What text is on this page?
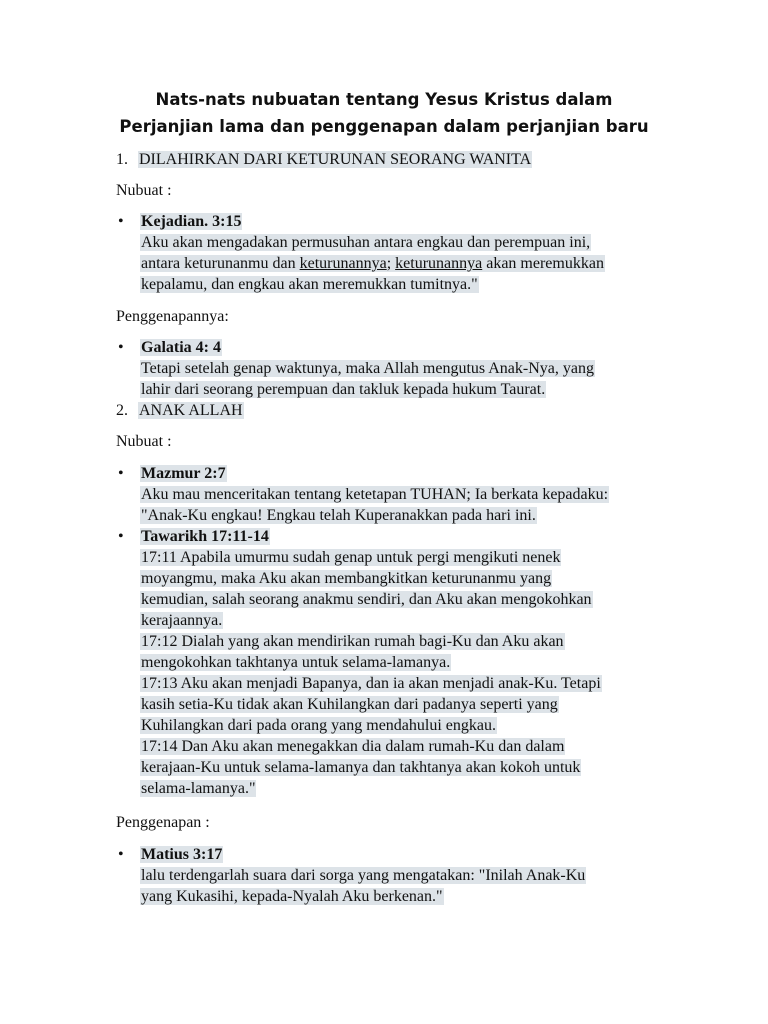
Nats-nats nubuatan tentang Yesus Kristus dalam
Perjanjian lama dan penggenapan dalam perjanjian baru
1. DILAHIRKAN DARI KETURUNAN SEORANG WANITA
Nubuat :
• Kejadian. 3:15
Aku akan mengadakan permusuhan antara engkau dan perempuan ini,
antara keturunanmu dan keturunannya; keturunannya akan meremukkan
kepalamu, dan engkau akan meremukkan tumitnya."
Penggenapannya:
• Galatia 4: 4
Tetapi setelah genap waktunya, maka Allah mengutus Anak-Nya, yang
lahir dari seorang perempuan dan takluk kepada hukum Taurat.
2. ANAK ALLAH
Nubuat :
• Mazmur 2:7
Aku mau menceritakan tentang ketetapan TUHAN; Ia berkata kepadaku:
"Anak-Ku engkau! Engkau telah Kuperanakkan pada hari ini.
• Tawarikh 17:11-14
17:11 Apabila umurmu sudah genap untuk pergi mengikuti nenek
moyangmu, maka Aku akan membangkitkan keturunanmu yang
kemudian, salah seorang anakmu sendiri, dan Aku akan mengokohkan
kerajaannya.
17:12 Dialah yang akan mendirikan rumah bagi-Ku dan Aku akan
mengokohkan takhtanya untuk selama-lamanya.
17:13 Aku akan menjadi Bapanya, dan ia akan menjadi anak-Ku. Tetapi
kasih setia-Ku tidak akan Kuhilangkan dari padanya seperti yang
Kuhilangkan dari pada orang yang mendahului engkau.
17:14 Dan Aku akan menegakkan dia dalam rumah-Ku dan dalam
kerajaan-Ku untuk selama-lamanya dan takhtanya akan kokoh untuk
selama-lamanya."
Penggenapan :
• Matius 3:17
lalu terdengarlah suara dari sorga yang mengatakan: "Inilah Anak-Ku
yang Kukasihi, kepada-Nyalah Aku berkenan."
